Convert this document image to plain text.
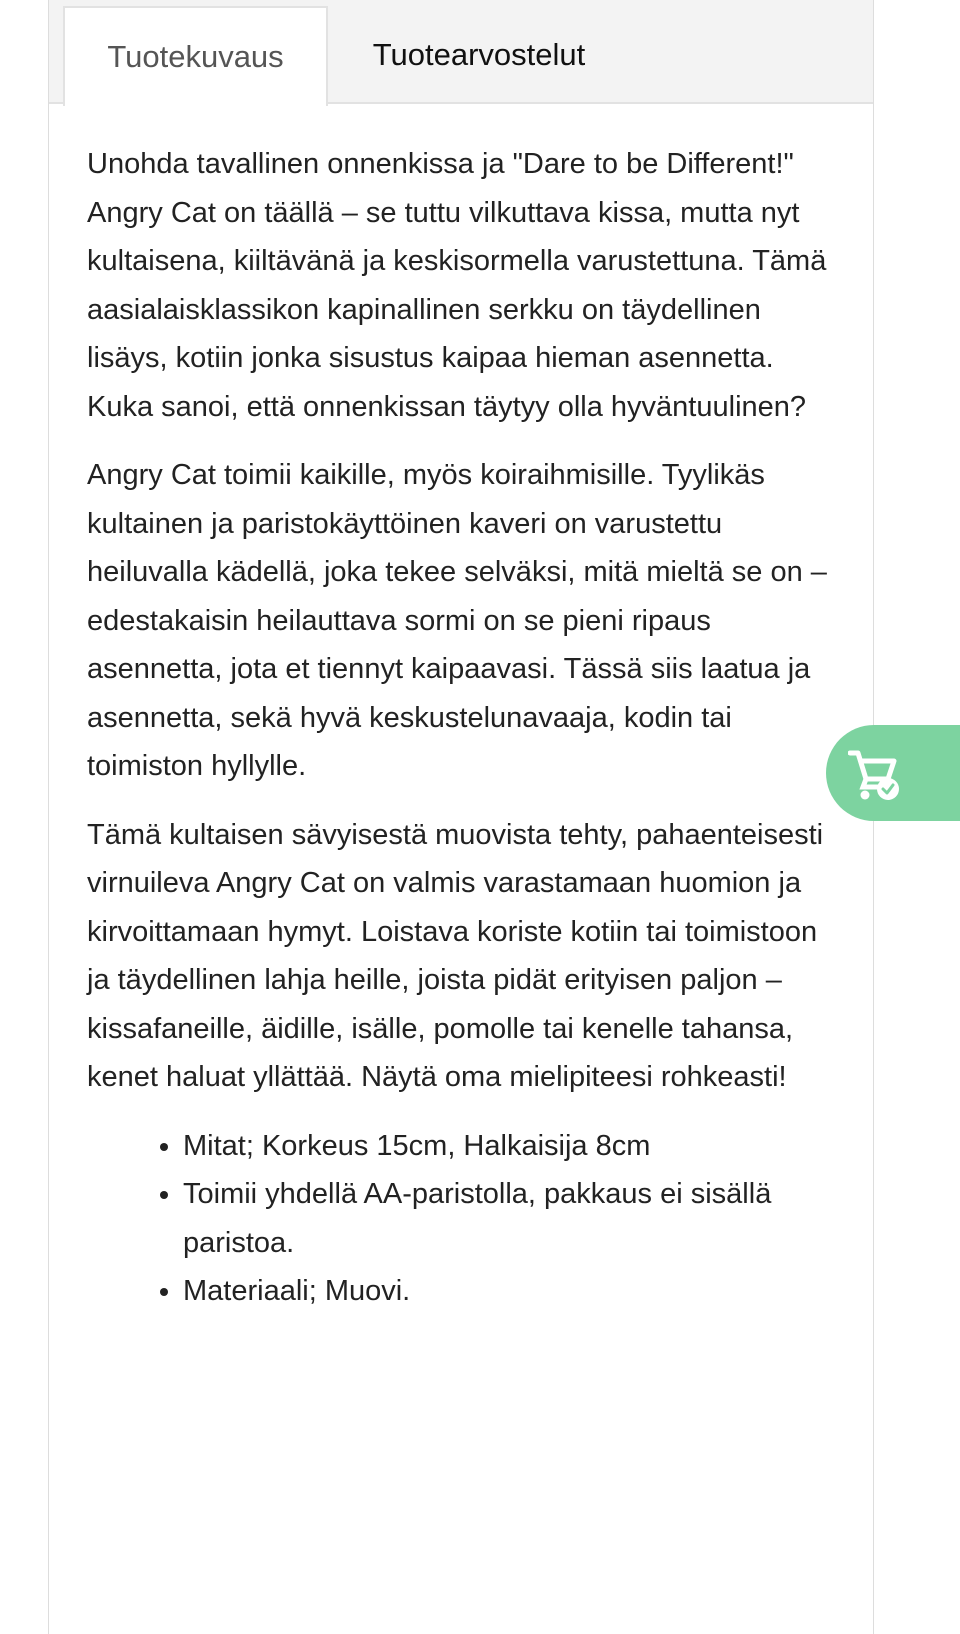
Tuotekuvaus	Tuotearvostelut

Unohda tavallinen onnenkissa ja "Dare to be Different!" Angry Cat on täällä – se tuttu vilkuttava kissa, mutta nyt kultaisena, kiiltävänä ja keskisormella varustettuna. Tämä aasialaisklassikon kapinallinen serkku on täydellinen lisäys, kotiin jonka sisustus kaipaa hieman asennetta. Kuka sanoi, että onnenkissan täytyy olla hyväntuulinen?

Angry Cat toimii kaikille, myös koiraihmisille. Tyylikäs kultainen ja paristokäyttöinen kaveri on varustettu heiluvalla kädellä, joka tekee selväksi, mitä mieltä se on – edestakaisin heilauttava sormi on se pieni ripaus asennetta, jota et tiennyt kaipaavasi. Tässä siis laatua ja asennetta, sekä hyvä keskustelunavaaja, kodin tai toimiston hyllylle.

Tämä kultaisen sävyisestä muovista tehty, pahaenteisesti virnuileva Angry Cat on valmis varastamaan huomion ja kirvoittamaan hymyt. Loistava koriste kotiin tai toimistoon ja täydellinen lahja heille, joista pidät erityisen paljon – kissafaneille, äidille, isälle, pomolle tai kenelle tahansa, kenet haluat yllättää. Näytä oma mielipiteesi rohkeasti!

• Mitat; Korkeus 15cm, Halkaisija 8cm
• Toimii yhdellä AA-paristolla, pakkaus ei sisällä paristoa.
• Materiaali; Muovi.
